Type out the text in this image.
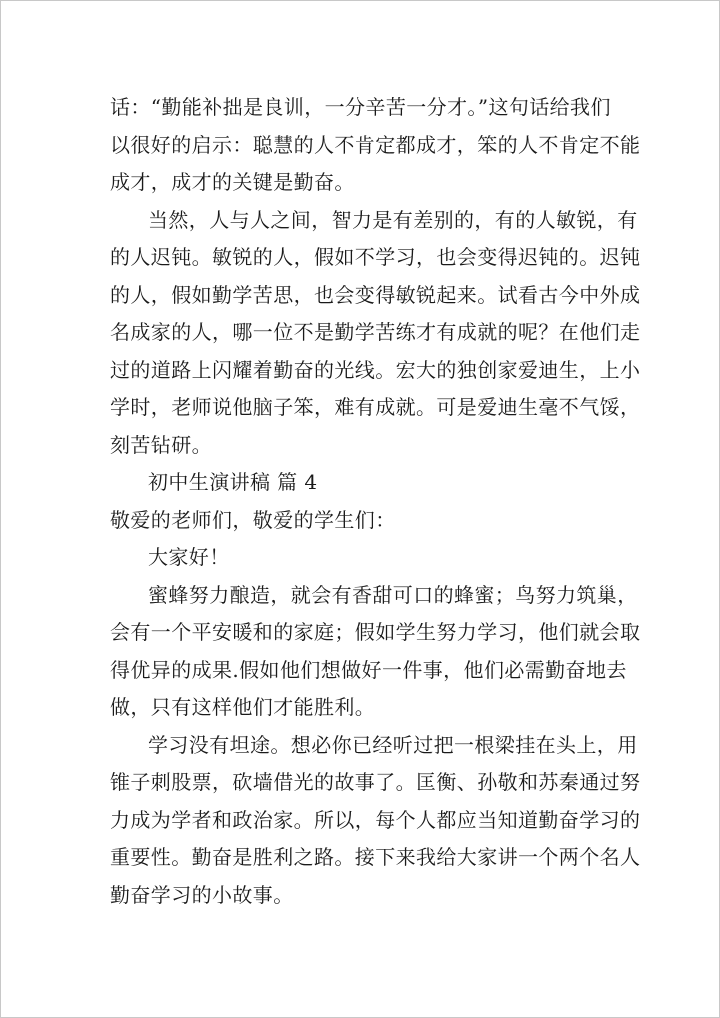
话：“勤能补拙是良训，一分辛苦一分才。”这句话给我们
以很好的启示：聪慧的人不肯定都成才，笨的人不肯定不能
成才，成才的关键是勤奋。
当然，人与人之间，智力是有差别的，有的人敏锐，有
的人迟钝。敏锐的人，假如不学习，也会变得迟钝的。迟钝
的人，假如勤学苦思，也会变得敏锐起来。试看古今中外成
名成家的人，哪一位不是勤学苦练才有成就的呢？在他们走
过的道路上闪耀着勤奋的光线。宏大的独创家爱迪生，上小
学时，老师说他脑子笨，难有成就。可是爱迪生毫不气馁，
刻苦钻研。
初中生演讲稿 篇 4
敬爱的老师们，敬爱的学生们：
大家好！
蜜蜂努力酿造，就会有香甜可口的蜂蜜；鸟努力筑巢，
会有一个平安暖和的家庭；假如学生努力学习，他们就会取
得优异的成果.假如他们想做好一件事，他们必需勤奋地去
做，只有这样他们才能胜利。
学习没有坦途。想必你已经听过把一根梁挂在头上，用
锥子刺股票，砍墙借光的故事了。匡衡、孙敬和苏秦通过努
力成为学者和政治家。所以，每个人都应当知道勤奋学习的
重要性。勤奋是胜利之路。接下来我给大家讲一个两个名人
勤奋学习的小故事。
